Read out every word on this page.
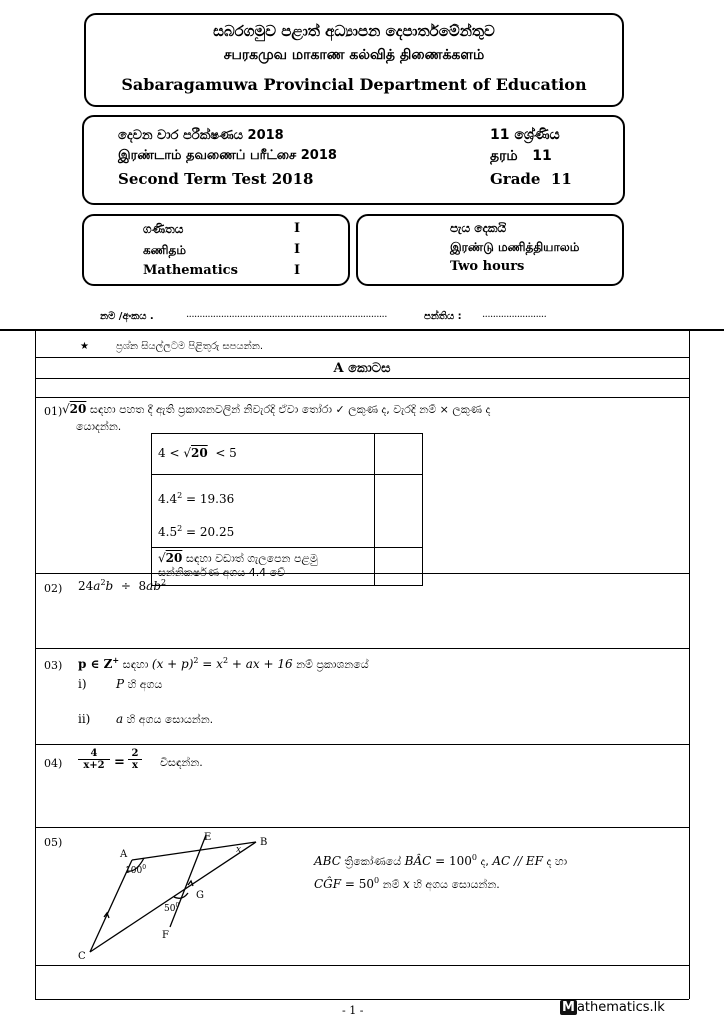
සබරගමුව පළාත් අධ්‍යාපන දෙපාර්තමේන්තුව
சபரகமுவ மாகாண கல்வித் திணைக்களம்
Sabaragamuwa Provincial Department of Education
දෙවන වාර පරීක්ෂණය 2018
இரண்டாம் தவணைப் பரீட்சை 2018
Second Term Test 2018
11 ශ්‍රේණිය
தரம்   11
Grade  11
ගණිතය	I
கணிதம்	I
Mathematics	I
පැය දෙකයි
இரண்டு மணித்தியாலம்
Two hours
නම /අංකය .	...........................................................................	පන්තිය : ........................
★	ප්‍රශ්න සියල්ලටම පිළිතුරු සපයන්න.
A කොටස
01) √20 සඳහා පහත දී ඇති ප්‍රකාශනවලින් නිවැරදි ඒවා තෝරා ✓ ලකුණ ද, වැරදි නම් × ලකුණ ද
යොදන්න.
4 < √20  < 5	

$4.4^2 = 19.36$
$4.5^2 = 20.25$	

√20 සඳහා වඩාත් ගැලපෙන පළමු
සන්නිකර්ෂණ අගය 4.4 වේ	

02) $24a^2b \div 8ab^2$
03) p ∈ Z+ සඳහා $(x + p)^2 = x^2$ + ax + 16 නම් ප්‍රකාශනයේ
i) P හි අගය
ii) a හි අගය සොයන්න.
$04) \frac{4}{x+2} = \frac{2}{x}$ විසඳන්න.
05)
A
B
C
E
F
G
x
$100^0$
$50^0$
ABC ත්‍රිකෝණයේ BÂC = $100^0$ ද, AC // EF ද හා
CĜF = $50^0$ නම් x හි අගය සොයන්න.
- 1 -	M athematics.lk
